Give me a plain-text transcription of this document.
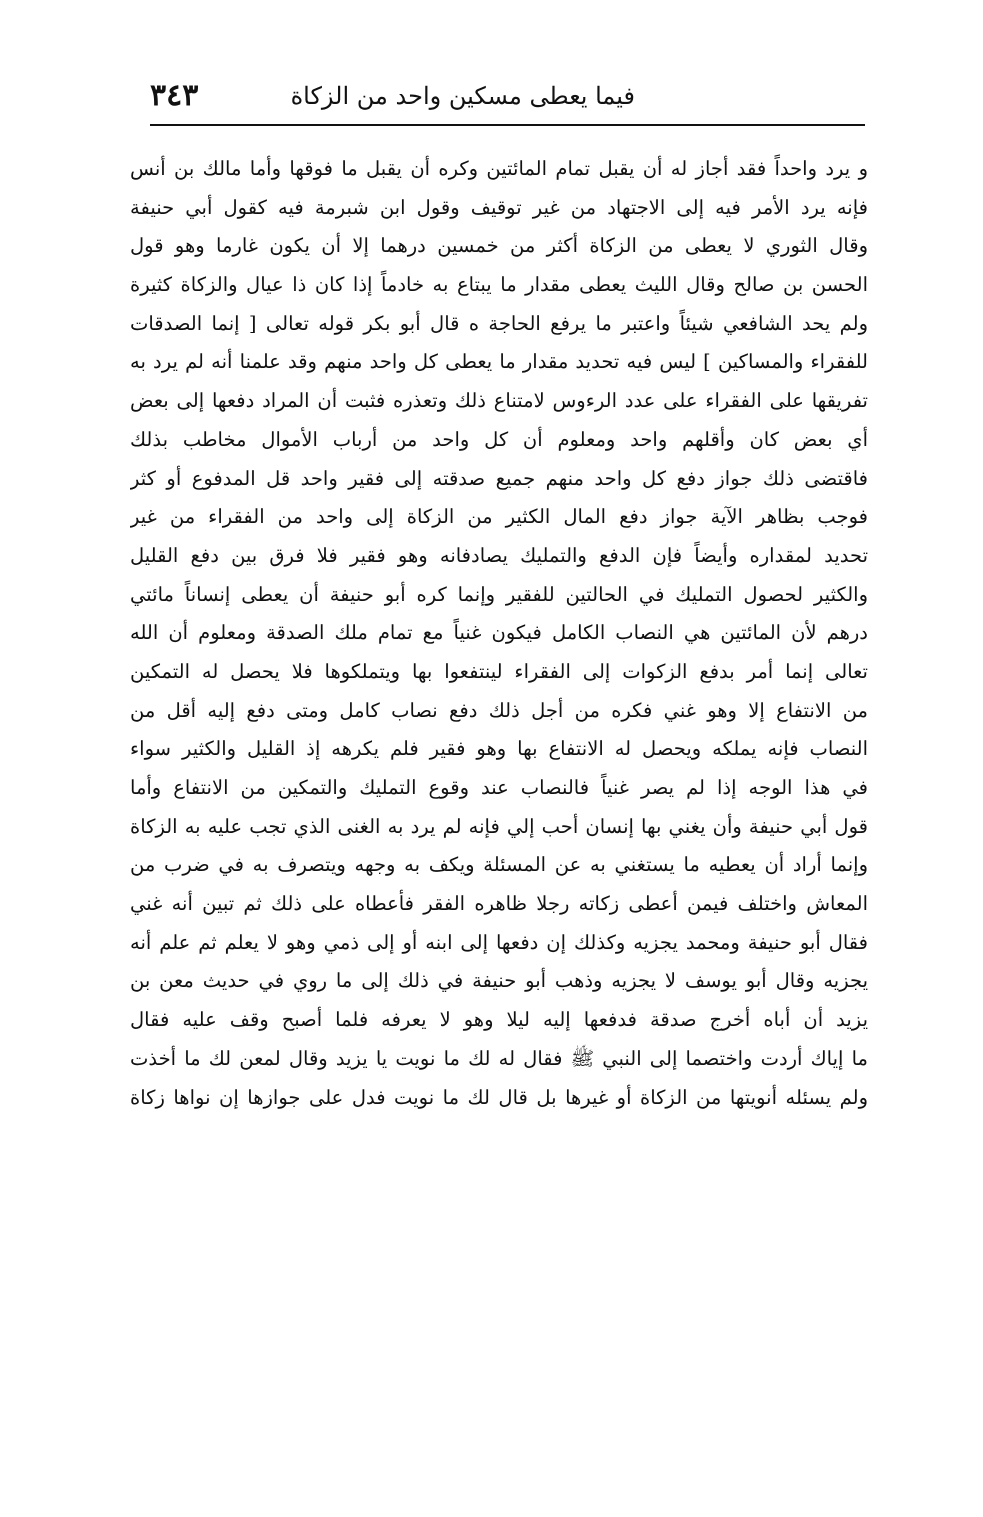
٣٤٣	فيما يعطى مسكين واحد من الزكاة
و يرد واحداً فقد أجاز له أن يقبل تمام المائتين وكره أن يقبل ما فوقها وأما مالك بن أنس
فإنه يرد الأمر فيه إلى الاجتهاد من غير توقيف وقول ابن شبرمة فيه كقول أبي حنيفة
وقال الثوري لا يعطى من الزكاة أكثر من خمسين درهما إلا أن يكون غارما وهو قول
الحسن بن صالح وقال الليث يعطى مقدار ما يبتاع به خادماً إذا كان ذا عيال والزكاة كثيرة
ولم يحد الشافعي شيئاً واعتبر ما يرفع الحاجة ه قال أبو بكر قوله تعالى [ إنما الصدقات
للفقراء والمساكين ] ليس فيه تحديد مقدار ما يعطى كل واحد منهم وقد علمنا أنه لم يرد به
تفريقها على الفقراء على عدد الرءوس لامتناع ذلك وتعذره فثبت أن المراد دفعها إلى بعض
أي بعض كان وأقلهم واحد ومعلوم أن كل واحد من أرباب الأموال مخاطب بذلك
فاقتضى ذلك جواز دفع كل واحد منهم جميع صدقته إلى فقير واحد قل المدفوع أو كثر
فوجب بظاهر الآية جواز دفع المال الكثير من الزكاة إلى واحد من الفقراء من غير
تحديد لمقداره وأيضاً فإن الدفع والتمليك يصادفانه وهو فقير فلا فرق بين دفع القليل
والكثير لحصول التمليك في الحالتين للفقير وإنما كره أبو حنيفة أن يعطى إنساناً مائتي
درهم لأن المائتين هي النصاب الكامل فيكون غنياً مع تمام ملك الصدقة ومعلوم أن الله
تعالى إنما أمر بدفع الزكوات إلى الفقراء لينتفعوا بها ويتملكوها فلا يحصل له التمكين
من الانتفاع إلا وهو غني فكره من أجل ذلك دفع نصاب كامل ومتى دفع إليه أقل من
النصاب فإنه يملكه ويحصل له الانتفاع بها وهو فقير فلم يكرهه إذ القليل والكثير سواء
في هذا الوجه إذا لم يصر غنياً فالنصاب عند وقوع التمليك والتمكين من الانتفاع وأما
قول أبي حنيفة وأن يغني بها إنسان أحب إلي فإنه لم يرد به الغنى الذي تجب عليه به الزكاة
وإنما أراد أن يعطيه ما يستغني به عن المسئلة ويكف به وجهه ويتصرف به في ضرب من
المعاش واختلف فيمن أعطى زكاته رجلا ظاهره الفقر فأعطاه على ذلك ثم تبين أنه غني
فقال أبو حنيفة ومحمد يجزيه وكذلك إن دفعها إلى ابنه أو إلى ذمي وهو لا يعلم ثم علم أنه
يجزيه وقال أبو يوسف لا يجزيه وذهب أبو حنيفة في ذلك إلى ما روي في حديث معن بن
يزيد أن أباه أخرج صدقة فدفعها إليه ليلا وهو لا يعرفه فلما أصبح وقف عليه فقال
ما إياك أردت واختصما إلى النبي ﷺ فقال له لك ما نويت يا يزيد وقال لمعن لك ما أخذت
ولم يسئله أنويتها من الزكاة أو غيرها بل قال لك ما نويت فدل على جوازها إن نواها زكاة
